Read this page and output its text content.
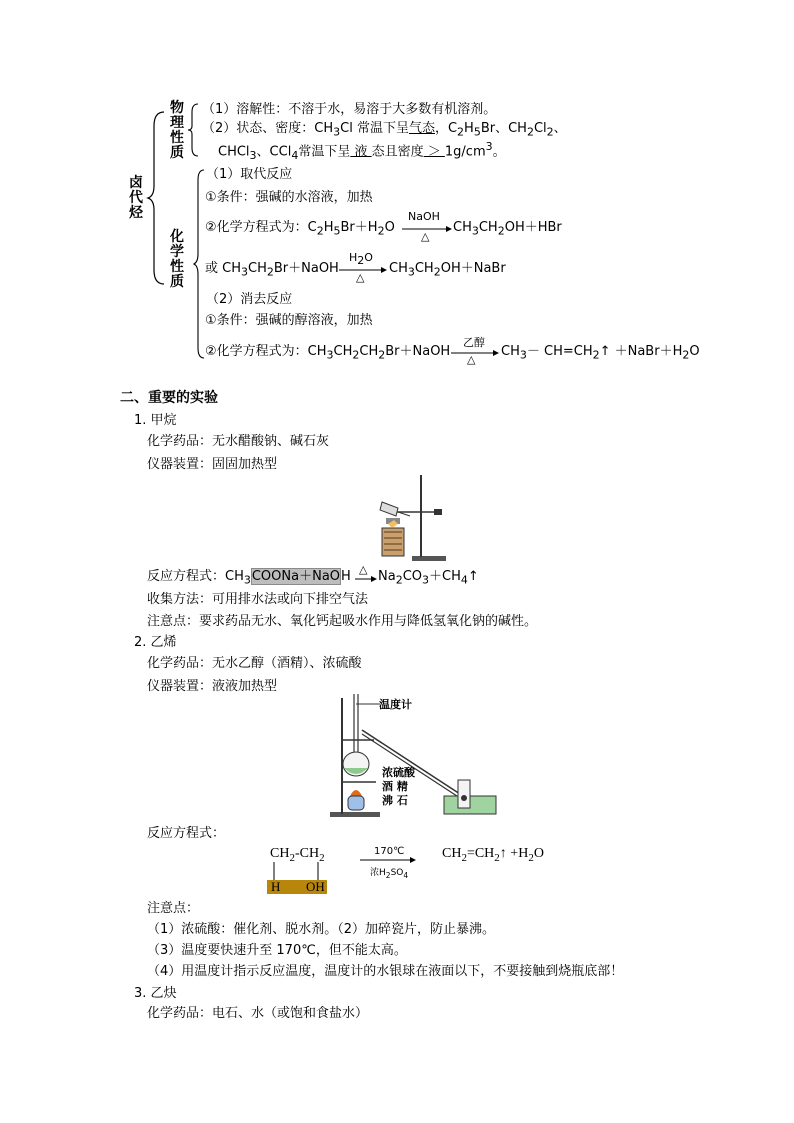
卤代烃
物理性质
（1）溶解性：不溶于水，易溶于大多数有机溶剂。
（2）状态、密度：$CH_3Cl$ 常温下呈气态，$C_2H_5Br$、$CH_2Cl_2$、
CHCl$_3$、CCl$_4$常温下呈 液 态且密度 ＞ $1g/cm^3$。
化学性质
（1）取代反应
①条件：强碱的水溶液，加热
②化学方程式为：$C_2H_5Br+H_2O$
NaOH
△
$CH_3CH_2OH+HBr$
或 $CH_3CH_2Br+NaOH$
$H_2O$
△
$CH_3CH_2OH+NaBr$
（2）消去反应
①条件：强碱的醇溶液，加热
②化学方程式为：$CH_3CH_2CH_2Br+NaOH$
乙醇
△
$CH_3-$ $CH=CH_2↑$ $+NaBr+H_2O$
二、重要的实验
1. 甲烷
化学药品：无水醋酸钠、碱石灰
仪器装置：固固加热型
反应方程式：$CH_3COONa+NaOH$ △ $Na_2CO_3+CH_4↑$
收集方法：可用排水法或向下排空气法
注意点：要求药品无水、氧化钙起吸水作用与降低氢氧化钠的碱性。
2. 乙烯
化学药品：无水乙醇（酒精）、浓硫酸
仪器装置：液液加热型
温度计
浓硫酸
酒 精
沸 石
反应方程式：
$CH_2-CH_2$
H OH
170℃
浓$H_2SO_4$
$CH_2=CH_2↑ +H_2O$
注意点：
（1）浓硫酸：催化剂、脱水剂。（2）加碎瓷片，防止暴沸。
（3）温度要快速升至 170℃，但不能太高。
（4）用温度计指示反应温度，温度计的水银球在液面以下，不要接触到烧瓶底部！
3. 乙炔
化学药品：电石、水（或饱和食盐水）
